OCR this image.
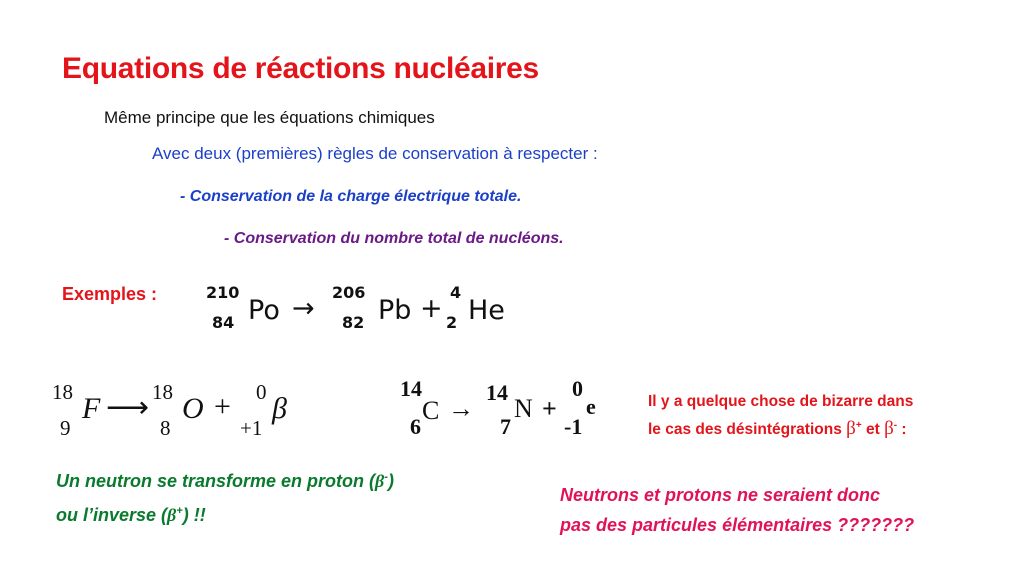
Equations de réactions nucléaires
Même principe que les équations chimiques
Avec deux (premières) règles de conservation à respecter :
- Conservation de la charge électrique totale.
- Conservation du nombre total de nucléons.
Exemples :	210
84 Po →
206
82 Pb +
4
2 He
18
9
F ⟶ 18
8
O + 0
+1
β
14
6
C →
14
7
N +
0
-1
e	Il y a quelque chose de bizarre dans
le cas des désintégrations β+ et β- :
Un neutron se transforme en proton (β-)
ou l’inverse (β+) !!
Neutrons et protons ne seraient donc
pas des particules élémentaires ???????
